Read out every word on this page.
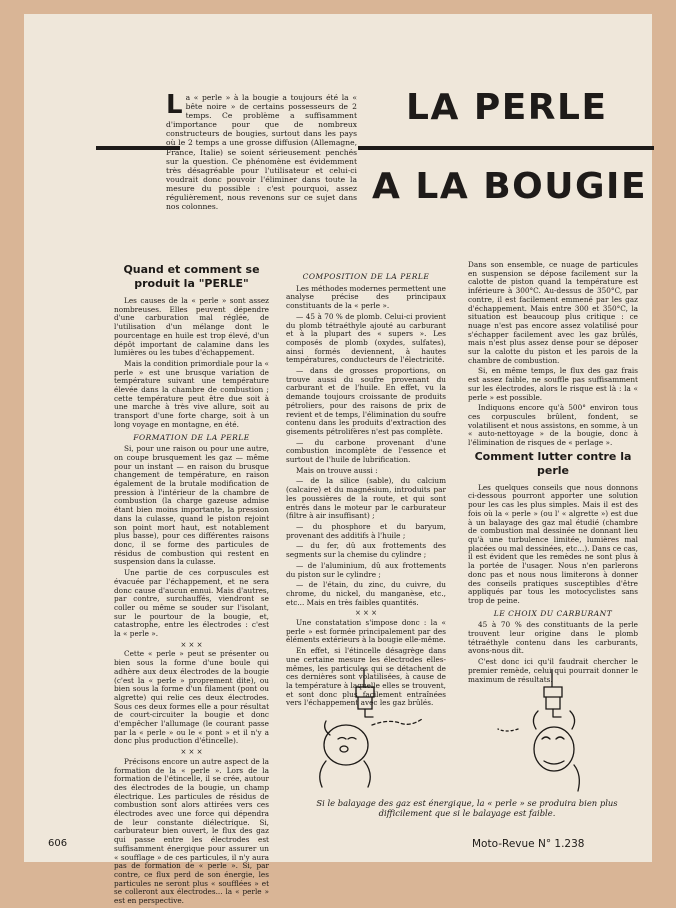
LA PERLE
A LA BOUGIE
La « perle » à la bougie a toujours été la « bête noire » de certains possesseurs de 2 temps. Ce problème a suffisamment d'importance pour que de nombreux constructeurs de bougies, surtout dans les pays où le 2 temps a une grosse diffusion (Allemagne, France, Italie) se soient sérieusement penchés sur la question. Ce phénomène est évidemment très désagréable pour l'utilisateur et celui-ci voudrait donc pouvoir l'éliminer dans toute la mesure du possible : c'est pourquoi, assez régulièrement, nous revenons sur ce sujet dans nos colonnes.
Quand et comment se produit la "PERLE"

Les causes de la « perle » sont assez nombreuses. Elles peuvent dépendre d'une carburation mal réglée, de l'utilisation d'un mélange dont le pourcentage en huile est trop élevé, d'un dépôt important de calamine dans les lumières ou les tubes d'échappement.

Mais la condition primordiale pour la « perle » est une brusque variation de température suivant une température élevée dans la chambre de combustion ; cette température peut être due soit à une marche à très vive allure, soit au transport d'une forte charge, soit à un long voyage en montagne, en été.

FORMATION DE LA PERLE

Si, pour une raison ou pour une autre, on coupe brusquement les gaz — même pour un instant — en raison du brusque changement de température, en raison également de la brutale modification de pression à l'intérieur de la chambre de combustion (la charge gazeuse admise étant bien moins importante, la pression dans la culasse, quand le piston rejoint son point mort haut, est notablement plus basse), pour ces différentes raisons donc, il se forme des particules de résidus de combustion qui restent en suspension dans la culasse.

Une partie de ces corpuscules est évacuée par l'échappement, et ne sera donc cause d'aucun ennui. Mais d'autres, par contre, surchauffés, viendront se coller ou même se souder sur l'isolant, sur le pourtour de la bougie, et, catastrophe, entre les électrodes : c'est la « perle ».

× × ×

Cette « perle » peut se présenter ou bien sous la forme d'une boule qui adhère aux deux électrodes de la bougie (c'est la « perle » proprement dite), ou bien sous la forme d'un filament (pont ou algrette) qui relie ces deux électrodes. Sous ces deux formes elle a pour résultat de court-circuiter la bougie et donc d'empêcher l'allumage (le courant passe par la « perle » ou le « pont » et il n'y a donc plus production d'étincelle).

× × ×

Précisons encore un autre aspect de la formation de la « perle ». Lors de la formation de l'étincelle, il se crée, autour des électrodes de la bougie, un champ électrique. Les particules de résidus de combustion sont alors attirées vers ces électrodes avec une force qui dépendra de leur constante diélectrique. Si, carburateur bien ouvert, le flux des gaz qui passe entre les électrodes est suffisamment énergique pour assurer un « soufflage » de ces particules, il n'y aura pas de formation de « perle ». Si, par contre, ce flux perd de son énergie, les particules ne seront plus « soufflées » et se colleront aux électrodes... la « perle » est en perspective.

COMPOSITION DE LA PERLE

Les méthodes modernes permettent une analyse précise des principaux constituants de la « perle ».

— 45 à 70 % de plomb. Celui-ci provient du plomb tétraéthyle ajouté au carburant et à la plupart des « supers ». Les composés de plomb (oxydes, sulfates), ainsi formés deviennent, à hautes températures, conducteurs de l'électricité.

— dans de grosses proportions, on trouve aussi du soufre provenant du carburant et de l'huile. En effet, vu la demande toujours croissante de produits pétroliers, pour des raisons de prix de revient et de temps, l'élimination du soufre contenu dans les produits d'extraction des gisements pétrolifères n'est pas complète.

— du carbone provenant d'une combustion incomplète de l'essence et surtout de l'huile de lubrification.

Mais on trouve aussi :

— de la silice (sable), du calcium (calcaire) et du magnésium, introduits par les poussières de la route, et qui sont entrés dans le moteur par le carburateur (filtre à air insuffisant) ;

— du phosphore et du baryum, provenant des additifs à l'huile ;

— du fer, dû aux frottements des segments sur la chemise du cylindre ;

— de l'aluminium, dû aux frottements du piston sur le cylindre ;

— de l'étain, du zinc, du cuivre, du chrome, du nickel, du manganèse, etc., etc... Mais en très faibles quantités.

× × ×

Une constatation s'impose donc : la « perle » est formée principalement par des éléments extérieurs à la bougie elle-même.

En effet, si l'étincelle désagrège dans une certaine mesure les électrodes elles-mêmes, les particules qui se détachent de ces dernières sont volatilisées, à cause de la température à laquelle elles se trouvent, et sont donc plus facilement entraînées vers l'échappement avec les gaz brûlés.

Dans son ensemble, ce nuage de particules en suspension se dépose facilement sur la calotte de piston quand la température est inférieure à 300°C. Au-dessus de 350°C, par contre, il est facilement emmené par les gaz d'échappement. Mais entre 300 et 350°C, la situation est beaucoup plus critique : ce nuage n'est pas encore assez volatilisé pour s'échapper facilement avec les gaz brûlés, mais n'est plus assez dense pour se déposer sur la calotte du piston et les parois de la chambre de combustion.

Si, en même temps, le flux des gaz frais est assez faible, ne souffle pas suffisamment sur les électrodes, alors le risque est là : la « perle » est possible.

Indiquons encore qu'à 500° environ tous ces corpuscules brûlent, fondent, se volatilisent et nous assistons, en somme, à un « auto-nettoyage » de la bougie, donc à l'élimination de risques de « perlage ».

Comment lutter contre la perle

Les quelques conseils que nous donnons ci-dessous pourront apporter une solution pour les cas les plus simples. Mais il est des fois où la « perle » (ou l' « algrette ») est due à un balayage des gaz mal étudié (chambre de combustion mal dessinée ne donnant lieu qu'à une turbulence limitée, lumières mal placées ou mal dessinées, etc...). Dans ce cas, il est évident que les remèdes ne sont plus à la portée de l'usager. Nous n'en parlerons donc pas et nous nous limiterons à donner des conseils pratiques susceptibles d'être appliqués par tous les motocyclistes sans trop de peine.

LE CHOIX DU CARBURANT

45 à 70 % des constituants de la perle trouvent leur origine dans le plomb tétraéthyle contenu dans les carburants, avons-nous dit.

C'est donc ici qu'il faudrait chercher le premier remède, celui qui pourrait donner le maximum de résultats.

Si le balayage des gaz est énergique, la « perle » se produira bien plus difficilement que si le balayage est faible.
606	Moto-Revue N° 1.238
